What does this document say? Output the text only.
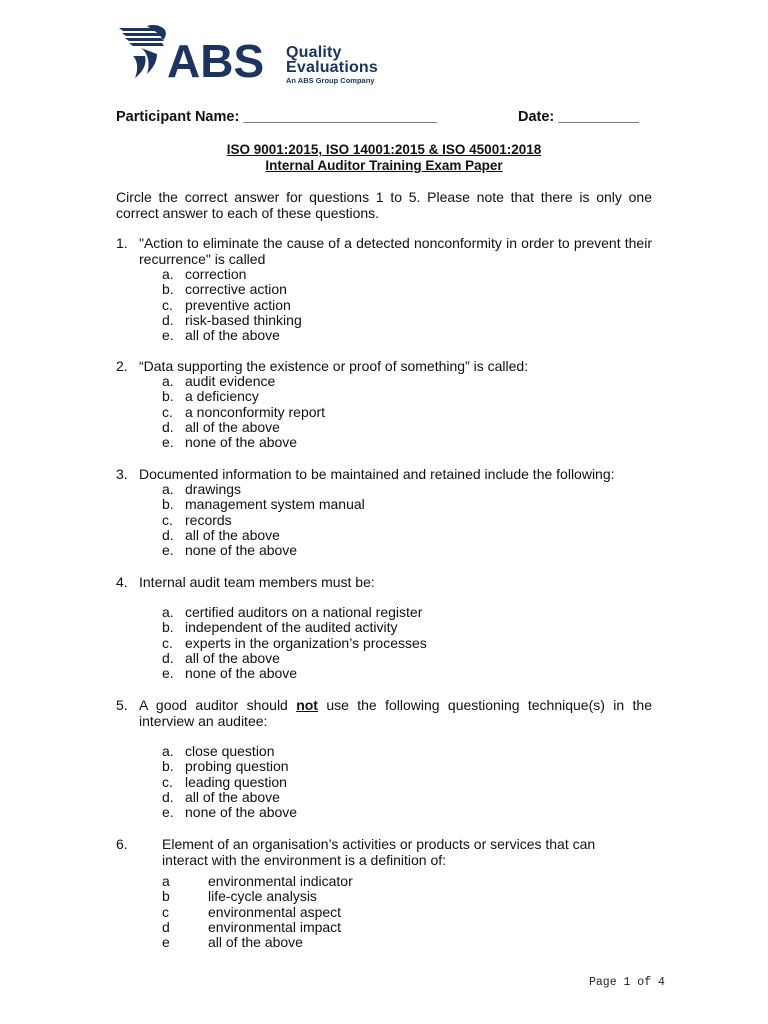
ABS Quality
Evaluations
An ABS Group Company
Participant Name: ________________________	Date: __________
ISO 9001:2015, ISO 14001:2015 & ISO 45001:2018
Internal Auditor Training Exam Paper
Circle the correct answer for questions 1 to 5. Please note that there is only one
correct answer to each of these questions.
1. "Action to eliminate the cause of a detected nonconformity in order to prevent their
recurrence" is called
a. correction
b. corrective action
c. preventive action
d. risk-based thinking
e. all of the above
2. “Data supporting the existence or proof of something” is called:
a. audit evidence
b. a deficiency
c. a nonconformity report
d. all of the above
e. none of the above
3. Documented information to be maintained and retained include the following:
a. drawings
b. management system manual
c. records
d. all of the above
e. none of the above
4. Internal audit team members must be:
a. certified auditors on a national register
b. independent of the audited activity
c. experts in the organization’s processes
d. all of the above
e. none of the above
5. A good auditor should not use the following questioning technique(s) in the
interview an auditee:
a. close question
b. probing question
c. leading question
d. all of the above
e. none of the above
6. Element of an organisation’s activities or products or services that can
interact with the environment is a definition of:
a	environmental indicator
b	life-cycle analysis
c	environmental aspect
d	environmental impact
e	all of the above
Page 1 of 4
